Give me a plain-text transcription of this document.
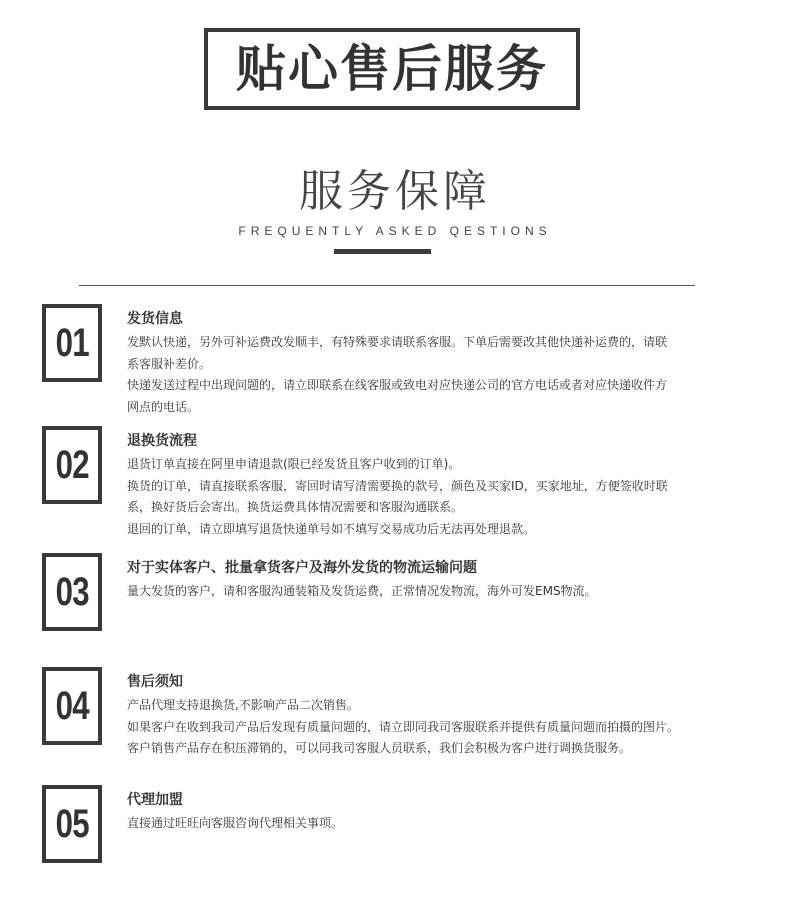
贴心售后服务
服务保障
FREQUENTLY ASKED QESTIONS
01
发货信息
发默认快递，另外可补运费改发顺丰，有特殊要求请联系客服。下单后需要改其他快递补运费的，请联
系客服补差价。
快递发送过程中出现问题的，请立即联系在线客服或致电对应快递公司的官方电话或者对应快递收件方
网点的电话。
02
退换货流程
退货订单直接在阿里申请退款(限已经发货且客户收到的订单)。
换货的订单，请直接联系客服，寄回时请写清需要换的款号，颜色及买家ID，买家地址，方便签收时联
系，换好货后会寄出。换货运费具体情况需要和客服沟通联系。
退回的订单，请立即填写退货快递单号如不填写交易成功后无法再处理退款。
03
对于实体客户、批量拿货客户及海外发货的物流运输问题
量大发货的客户，请和客服沟通装箱及发货运费，正常情况发物流，海外可发EMS物流。
04
售后须知
产品代理支持退换货,不影响产品二次销售。
如果客户在收到我司产品后发现有质量问题的，请立即同我司客服联系并提供有质量问题而拍摄的图片。
客户销售产品存在积压滞销的，可以同我司客服人员联系，我们会积极为客户进行调换货服务。
05
代理加盟
直接通过旺旺向客服咨询代理相关事项。
